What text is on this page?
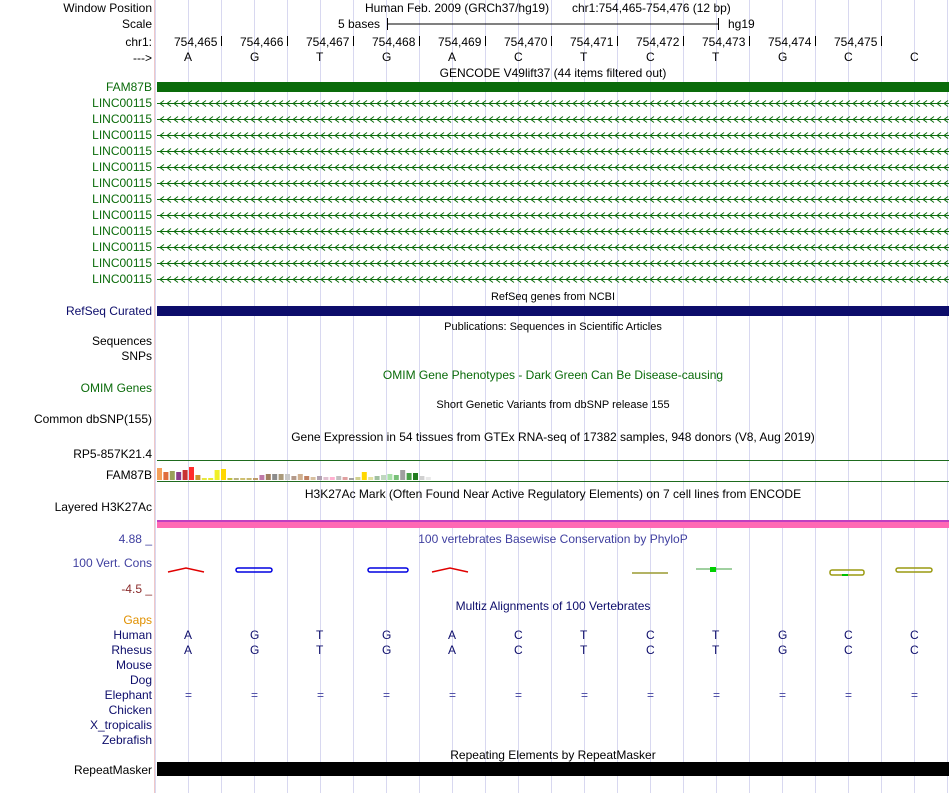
Window Position	Human Feb. 2009 (GRCh37/hg19) chr1:754,465-754,476 (12 bp)
Scale	5 bases	hg19
chr1:
--->
754,465 754,466 754,467 754,468 754,469 754,470 754,471 754,472 754,473 754,474 754,475
A	G	T	G	A	C	T	C	T	G	C	C
GENCODE V49lift37 (44 items filtered out)
FAM87B
LINC00115
LINC00115
LINC00115
LINC00115
LINC00115
LINC00115
LINC00115
LINC00115
LINC00115
LINC00115
LINC00115
LINC00115
RefSeq genes from NCBI
RefSeq Curated
Publications: Sequences in Scientific Articles
Sequences
SNPs
OMIM Gene Phenotypes - Dark Green Can Be Disease-causing
OMIM Genes
Short Genetic Variants from dbSNP release 155
Common dbSNP(155)
Gene Expression in 54 tissues from GTEx RNA-seq of 17382 samples, 948 donors (V8, Aug 2019)
RP5-857K21.4
FAM87B
H3K27Ac Mark (Often Found Near Active Regulatory Elements) on 7 cell lines from ENCODE
Layered H3K27Ac
100 vertebrates Basewise Conservation by PhyloP
4.88 _
100 Vert. Cons
-4.5 _
Multiz Alignments of 100 Vertebrates
Gaps
Human	A	G	T	G	A	C	T	C	T	G	C	C
Rhesus	A	G	T	G	A	C	T	C	T	G	C	C
Mouse
Dog
Elephant	=	=	=	=	=	=	=	=	=	=	=	=
Chicken
X_tropicalis
Zebrafish
Repeating Elements by RepeatMasker
RepeatMasker
